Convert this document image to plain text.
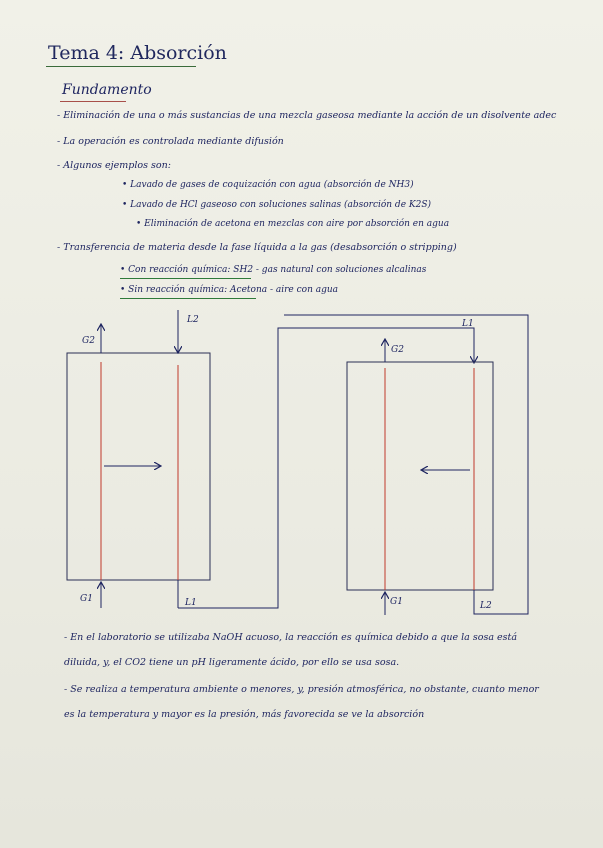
Tema 4: Absorción
Fundamento
- Eliminación de una o más sustancias de una mezcla gaseosa mediante la acción de un disolvente adec
- La operación es controlada mediante difusión
- Algunos ejemplos son:
• Lavado de gases de coquización con agua (absorción de NH3)
• Lavado de HCl gaseoso con soluciones salinas (absorción de K2S)
• Eliminación de acetona en mezclas con aire por absorción en agua
- Transferencia de materia desde la fase líquida a la gas (desabsorción o stripping)
• Con reacción química: SH2 - gas natural con soluciones alcalinas
• Sin reacción química: Acetona - aire con agua
G2
L2
G1	L1
L1
G2
G1	L2
- En el laboratorio se utilizaba NaOH acuoso, la reacción es química debido a que la sosa está
diluida, y, el CO2 tiene un pH ligeramente ácido, por ello se usa sosa.
- Se realiza a temperatura ambiente o menores, y, presión atmosférica, no obstante, cuanto menor
es la temperatura y mayor es la presión, más favorecida se ve la absorción
